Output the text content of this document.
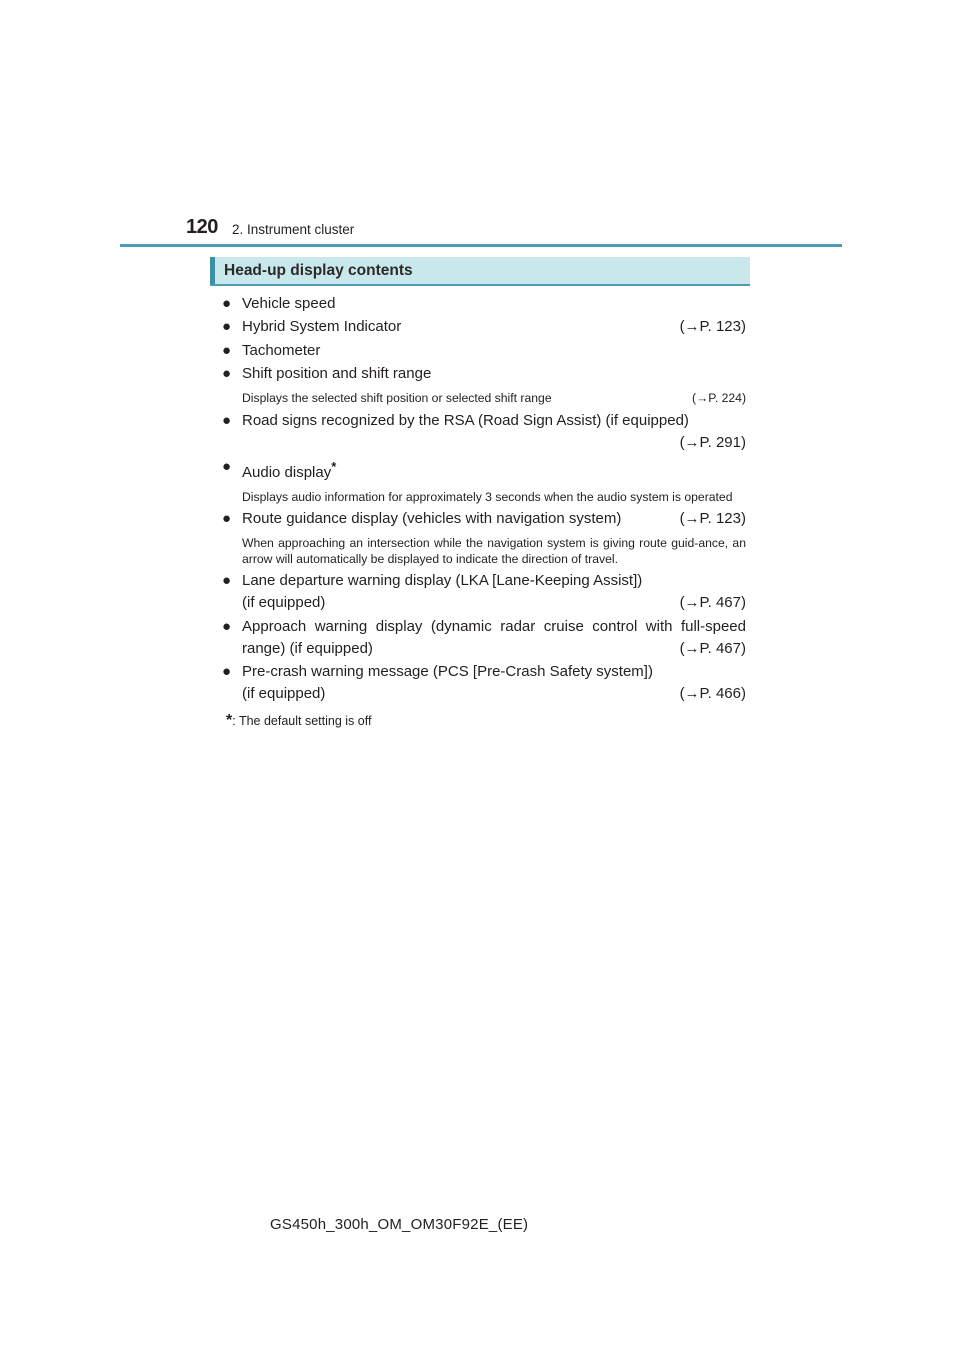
120 2. Instrument cluster
Head-up display contents
● Vehicle speed
● Hybrid System Indicator	(→P. 123)
● Tachometer
● Shift position and shift range
Displays the selected shift position or selected shift range	(→P. 224)
● Road signs recognized by the RSA (Road Sign Assist) (if equipped)
(→P. 291)
● Audio display*
Displays audio information for approximately 3 seconds when the audio system is operated
● Route guidance display (vehicles with navigation system)	(→P. 123)
When approaching an intersection while the navigation system is giving route guid-ance, an arrow will automatically be displayed to indicate the direction of travel.
● Lane departure warning display (LKA [Lane-Keeping Assist])
(if equipped)	(→P. 467)
● Approach warning display (dynamic radar cruise control with full-speed
range) (if equipped)	(→P. 467)
● Pre-crash warning message (PCS [Pre-Crash Safety system])
(if equipped)	(→P. 466)
*: The default setting is off
GS450h_300h_OM_OM30F92E_(EE)
